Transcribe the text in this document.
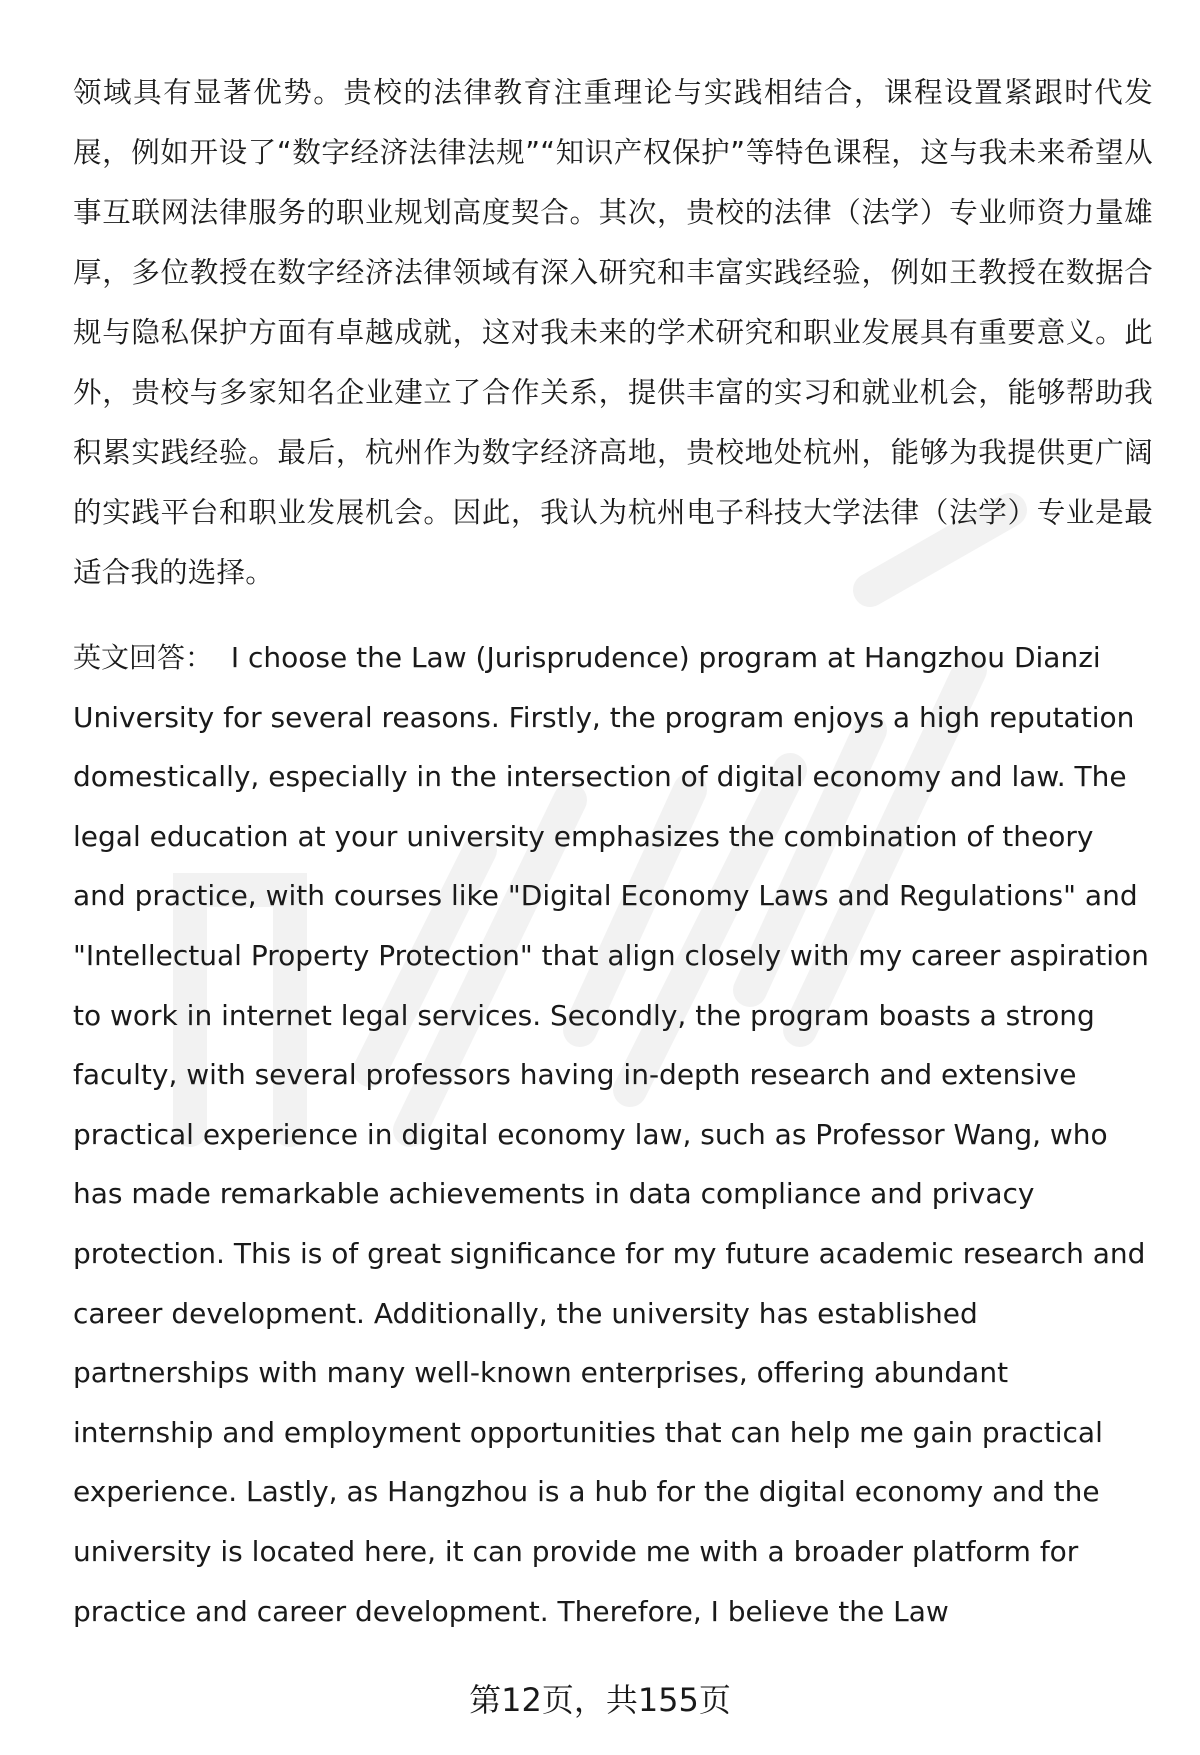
领域具有显著优势。贵校的法律教育注重理论与实践相结合，课程设置紧跟时代发展，例如开设了“数字经济法律法规”“知识产权保护”等特色课程，这与我未来希望从事互联网法律服务的职业规划高度契合。其次，贵校的法律（法学）专业师资力量雄厚，多位教授在数字经济法律领域有深入研究和丰富实践经验，例如王教授在数据合规与隐私保护方面有卓越成就，这对我未来的学术研究和职业发展具有重要意义。此外，贵校与多家知名企业建立了合作关系，提供丰富的实习和就业机会，能够帮助我积累实践经验。最后，杭州作为数字经济高地，贵校地处杭州，能够为我提供更广阔的实践平台和职业发展机会。因此，我认为杭州电子科技大学法律（法学）专业是最适合我的选择。

英文回答： I choose the Law (Jurisprudence) program at Hangzhou Dianzi University for several reasons. Firstly, the program enjoys a high reputation domestically, especially in the intersection of digital economy and law. The legal education at your university emphasizes the combination of theory and practice, with courses like "Digital Economy Laws and Regulations" and "Intellectual Property Protection" that align closely with my career aspiration to work in internet legal services. Secondly, the program boasts a strong faculty, with several professors having in-depth research and extensive practical experience in digital economy law, such as Professor Wang, who has made remarkable achievements in data compliance and privacy protection. This is of great significance for my future academic research and career development. Additionally, the university has established partnerships with many well-known enterprises, offering abundant internship and employment opportunities that can help me gain practical experience. Lastly, as Hangzhou is a hub for the digital economy and the university is located here, it can provide me with a broader platform for practice and career development. Therefore, I believe the Law

第12页，共155页
